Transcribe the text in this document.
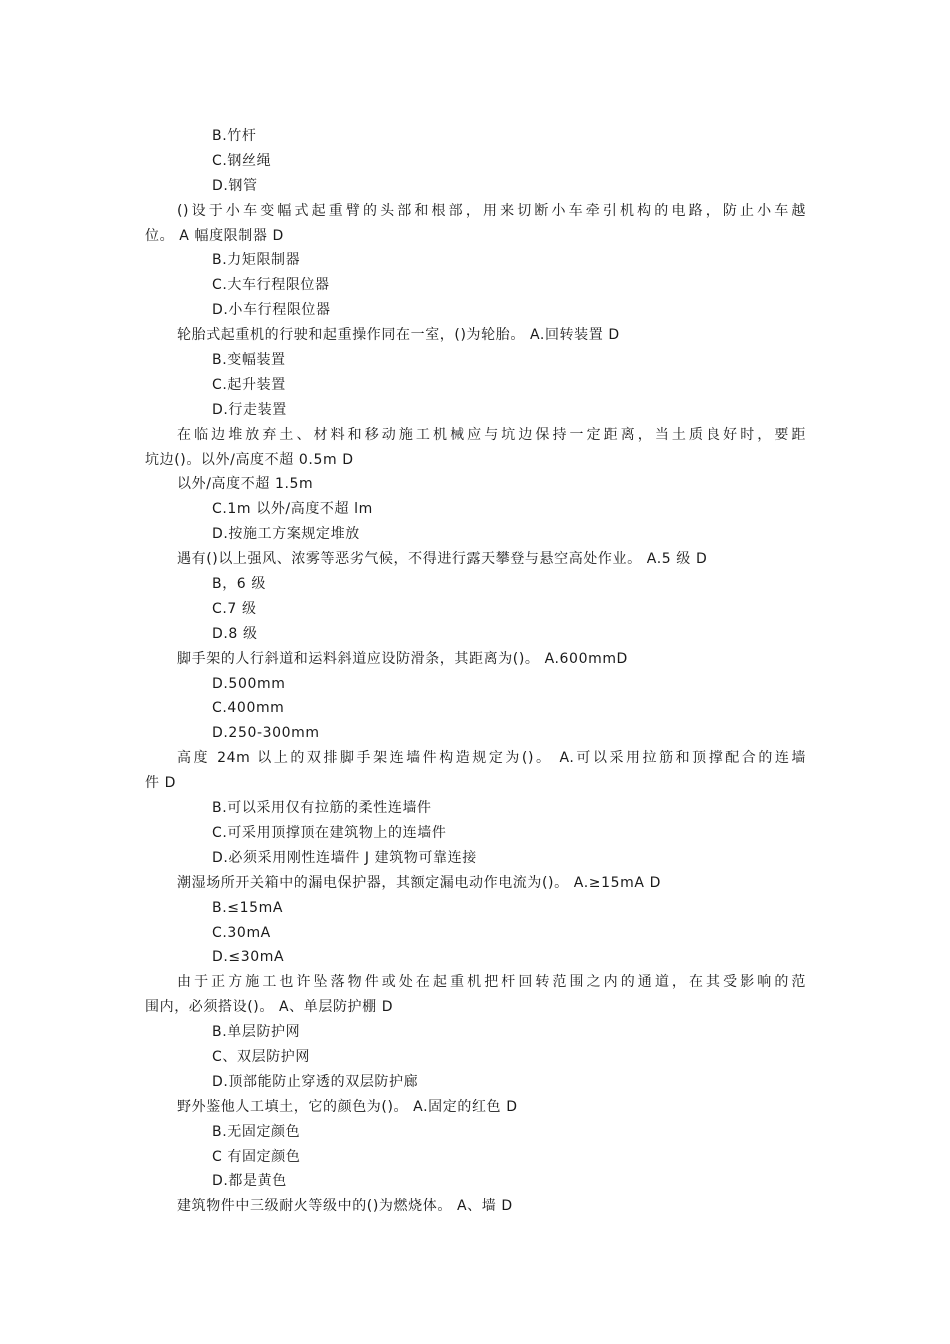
B.竹杆
C.钢丝绳
D.钢管
()设于小车变幅式起重臂的头部和根部，用来切断小车牵引机构的电路，防止小车越
位。 A 幅度限制器 D
B.力矩限制器
C.大车行程限位器
D.小车行程限位器
轮胎式起重机的行驶和起重操作同在一室，()为轮胎。 A.回转装置 D
B.变幅装置
C.起升装置
D.行走装置
在临边堆放弃土、材料和移动施工机械应与坑边保持一定距离，当土质良好时，要距
坑边()。以外/高度不超 0.5m D
以外/高度不超 1.5m
C.1m 以外/高度不超 lm
D.按施工方案规定堆放
遇有()以上强风、浓雾等恶劣气候，不得进行露天攀登与悬空高处作业。 A.5 级 D
B，6 级
C.7 级
D.8 级
脚手架的人行斜道和运料斜道应设防滑条，其距离为()。 A.600mmD
D.500mm
C.400mm
D.250-300mm
高度 24m 以上的双排脚手架连墙件构造规定为()。 A.可以采用拉筋和顶撑配合的连墙
件 D
B.可以采用仅有拉筋的柔性连墙件
C.可采用顶撑顶在建筑物上的连墙件
D.必须采用刚性连墙件 J 建筑物可靠连接
潮湿场所开关箱中的漏电保护器，其额定漏电动作电流为()。 A.≥15mA D
B.≤15mA
C.30mA
D.≤30mA
由于正方施工也许坠落物件或处在起重机把杆回转范围之内的通道，在其受影响的范
围内，必须搭设()。 A、单层防护棚 D
B.单层防护网
C、双层防护网
D.顶部能防止穿透的双层防护廊
野外鉴他人工填土，它的颜色为()。 A.固定的红色 D
B.无固定颜色
C 有固定颜色
D.都是黄色
建筑物件中三级耐火等级中的()为燃烧体。 A、墙 D
